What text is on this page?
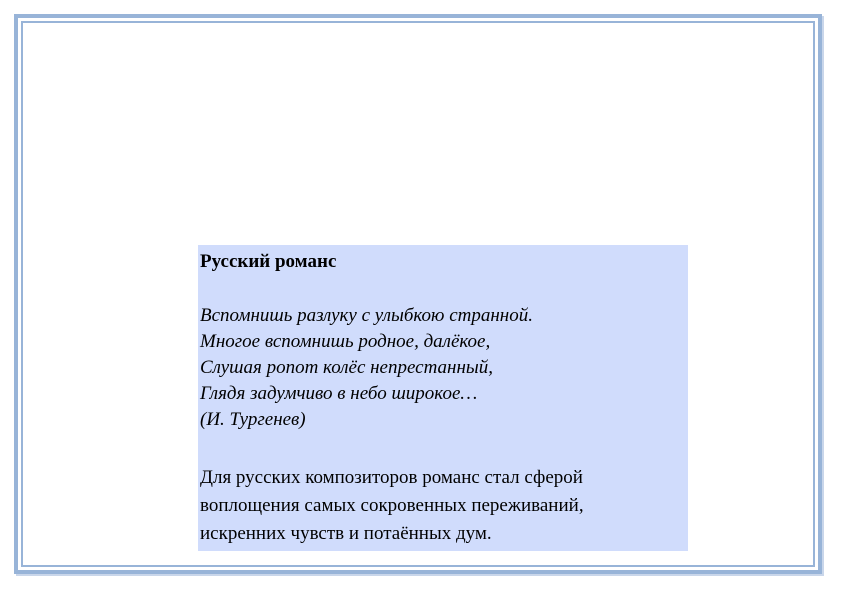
Русский романс

Вспомнишь разлуку с улыбкою странной.
Многое вспомнишь родное, далёкое,
Слушая ропот колёс непрестанный,
Глядя задумчиво в небо широкое…
(И. Тургенев)

Для русских композиторов романс стал сферой
воплощения самых сокровенных переживаний,
искренних чувств и потаённых дум.
